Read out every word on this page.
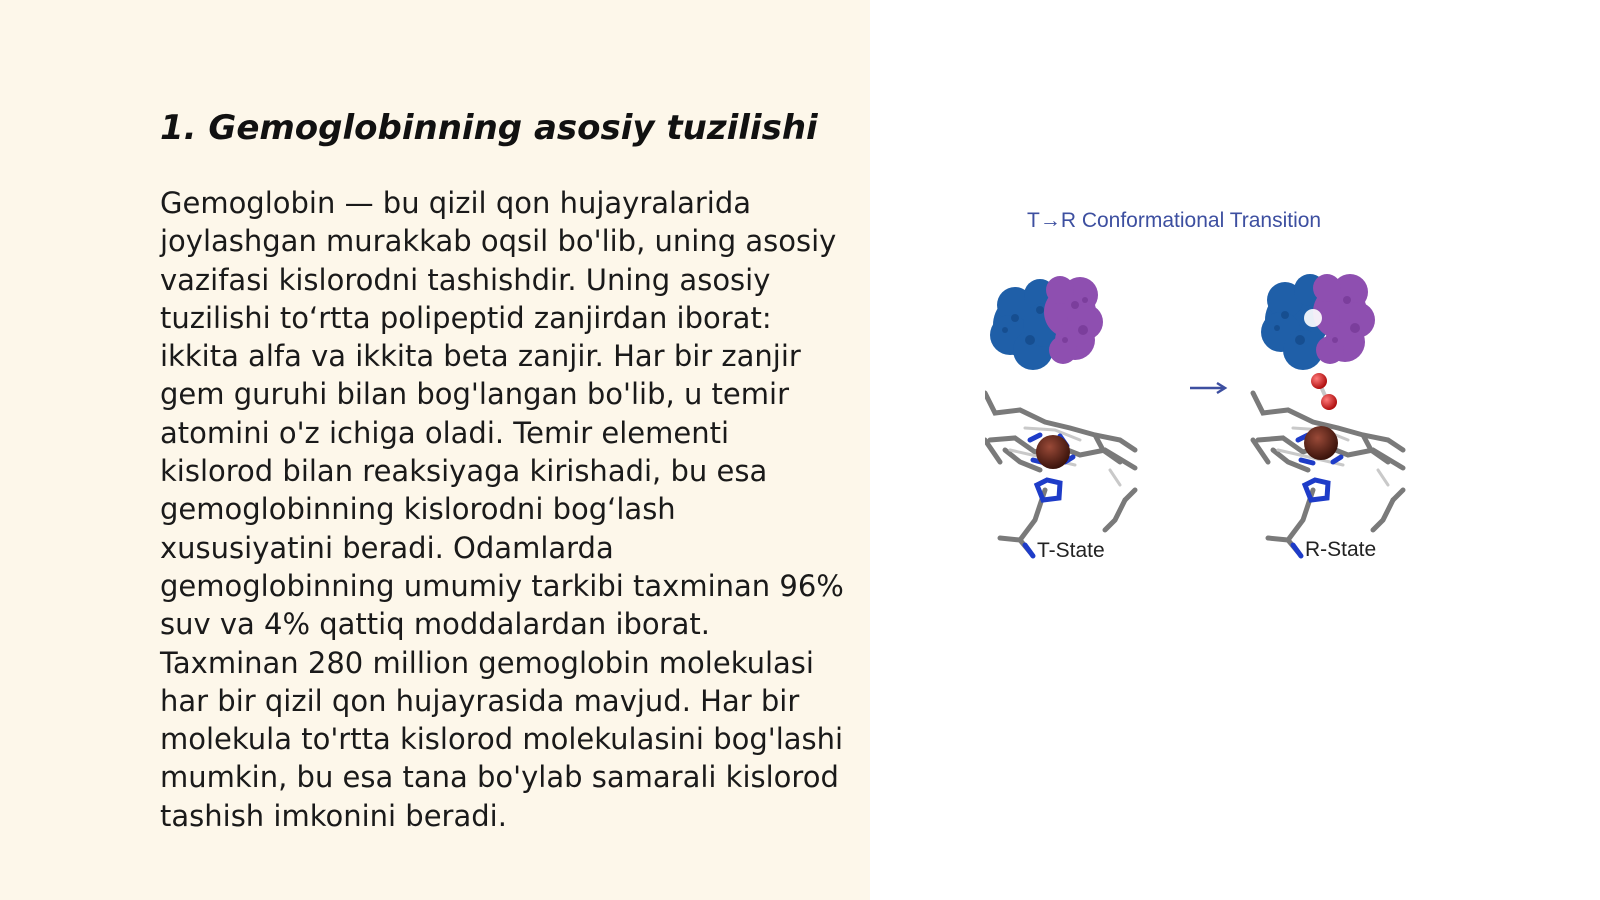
1. Gemoglobinning asosiy tuzilishi

Gemoglobin — bu qizil qon hujayralarida joylashgan murakkab oqsil bo'lib, uning asosiy vazifasi kislorodni tashishdir. Uning asosiy tuzilishi to‘rtta polipeptid zanjirdan iborat: ikkita alfa va ikkita beta zanjir. Har bir zanjir gem guruhi bilan bog'langan bo'lib, u temir atomini o'z ichiga oladi. Temir elementi kislorod bilan reaksiyaga kirishadi, bu esa gemoglobinning kislorodni bog‘lash xususiyatini beradi. Odamlarda gemoglobinning umumiy tarkibi taxminan 96% suv va 4% qattiq moddalardan iborat. Taxminan 280 million gemoglobin molekulasi har bir qizil qon hujayrasida mavjud. Har bir molekula to'rtta kislorod molekulasini bog'lashi mumkin, bu esa tana bo'ylab samarali kislorod tashish imkonini beradi.

T→R Conformational Transition
T-State	R-State
